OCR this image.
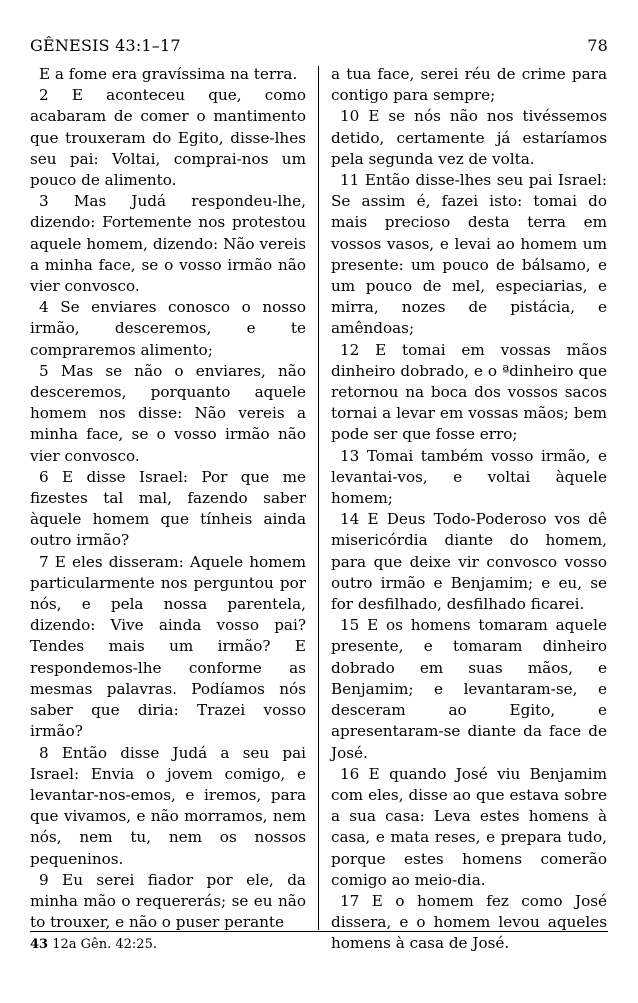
GÊNESIS 43:1–17	78

E a fome era gravíssima na terra.

2 E aconteceu que, como acabaram de comer o mantimento que trouxeram do Egito, disse-lhes seu pai: Voltai, comprai-nos um pouco de alimento.

3 Mas Judá respondeu-lhe, dizendo: Fortemente nos protestou aquele homem, dizendo: Não vereis a minha face, se o vosso irmão não vier convosco.

4 Se enviares conosco o nosso irmão, desceremos, e te compraremos alimento;

5 Mas se não o enviares, não desceremos, porquanto aquele homem nos disse: Não vereis a minha face, se o vosso irmão não vier convosco.

6 E disse Israel: Por que me fizestes tal mal, fazendo saber àquele homem que tínheis ainda outro irmão?

7 E eles disseram: Aquele homem particularmente nos perguntou por nós, e pela nossa parentela, dizendo: Vive ainda vosso pai? Tendes mais um irmão? E respondemos-lhe conforme as mesmas palavras. Podíamos nós saber que diria: Trazei vosso irmão?

8 Então disse Judá a seu pai Israel: Envia o jovem comigo, e levantar-nos-emos, e iremos, para que vivamos, e não morramos, nem nós, nem tu, nem os nossos pequeninos.

9 Eu serei fiador por ele, da minha mão o requererás; se eu não to trouxer, e não o puser perante

a tua face, serei réu de crime para contigo para sempre;

10 E se nós não nos tivéssemos detido, certamente já estaríamos pela segunda vez de volta.

11 Então disse-lhes seu pai Israel: Se assim é, fazei isto: tomai do mais precioso desta terra em vossos vasos, e levai ao homem um presente: um pouco de bálsamo, e um pouco de mel, especiarias, e mirra, nozes de pistácia, e amêndoas;

12 E tomai em vossas mãos dinheiro dobrado, e o ªdinheiro que retornou na boca dos vossos sacos tornai a levar em vossas mãos; bem pode ser que fosse erro;

13 Tomai também vosso irmão, e levantai-vos, e voltai àquele homem;

14 E Deus Todo-Poderoso vos dê misericórdia diante do homem, para que deixe vir convosco vosso outro irmão e Benjamim; e eu, se for desfilhado, desfilhado ficarei.

15 E os homens tomaram aquele presente, e tomaram dinheiro dobrado em suas mãos, e Benjamim; e levantaram-se, e desceram ao Egito, e apresentaram-se diante da face de José.

16 E quando José viu Benjamim com eles, disse ao que estava sobre a sua casa: Leva estes homens à casa, e mata reses, e prepara tudo, porque estes homens comerão comigo ao meio-dia.

17 E o homem fez como José dissera, e o homem levou aqueles homens à casa de José.

43 12a Gên. 42:25.
